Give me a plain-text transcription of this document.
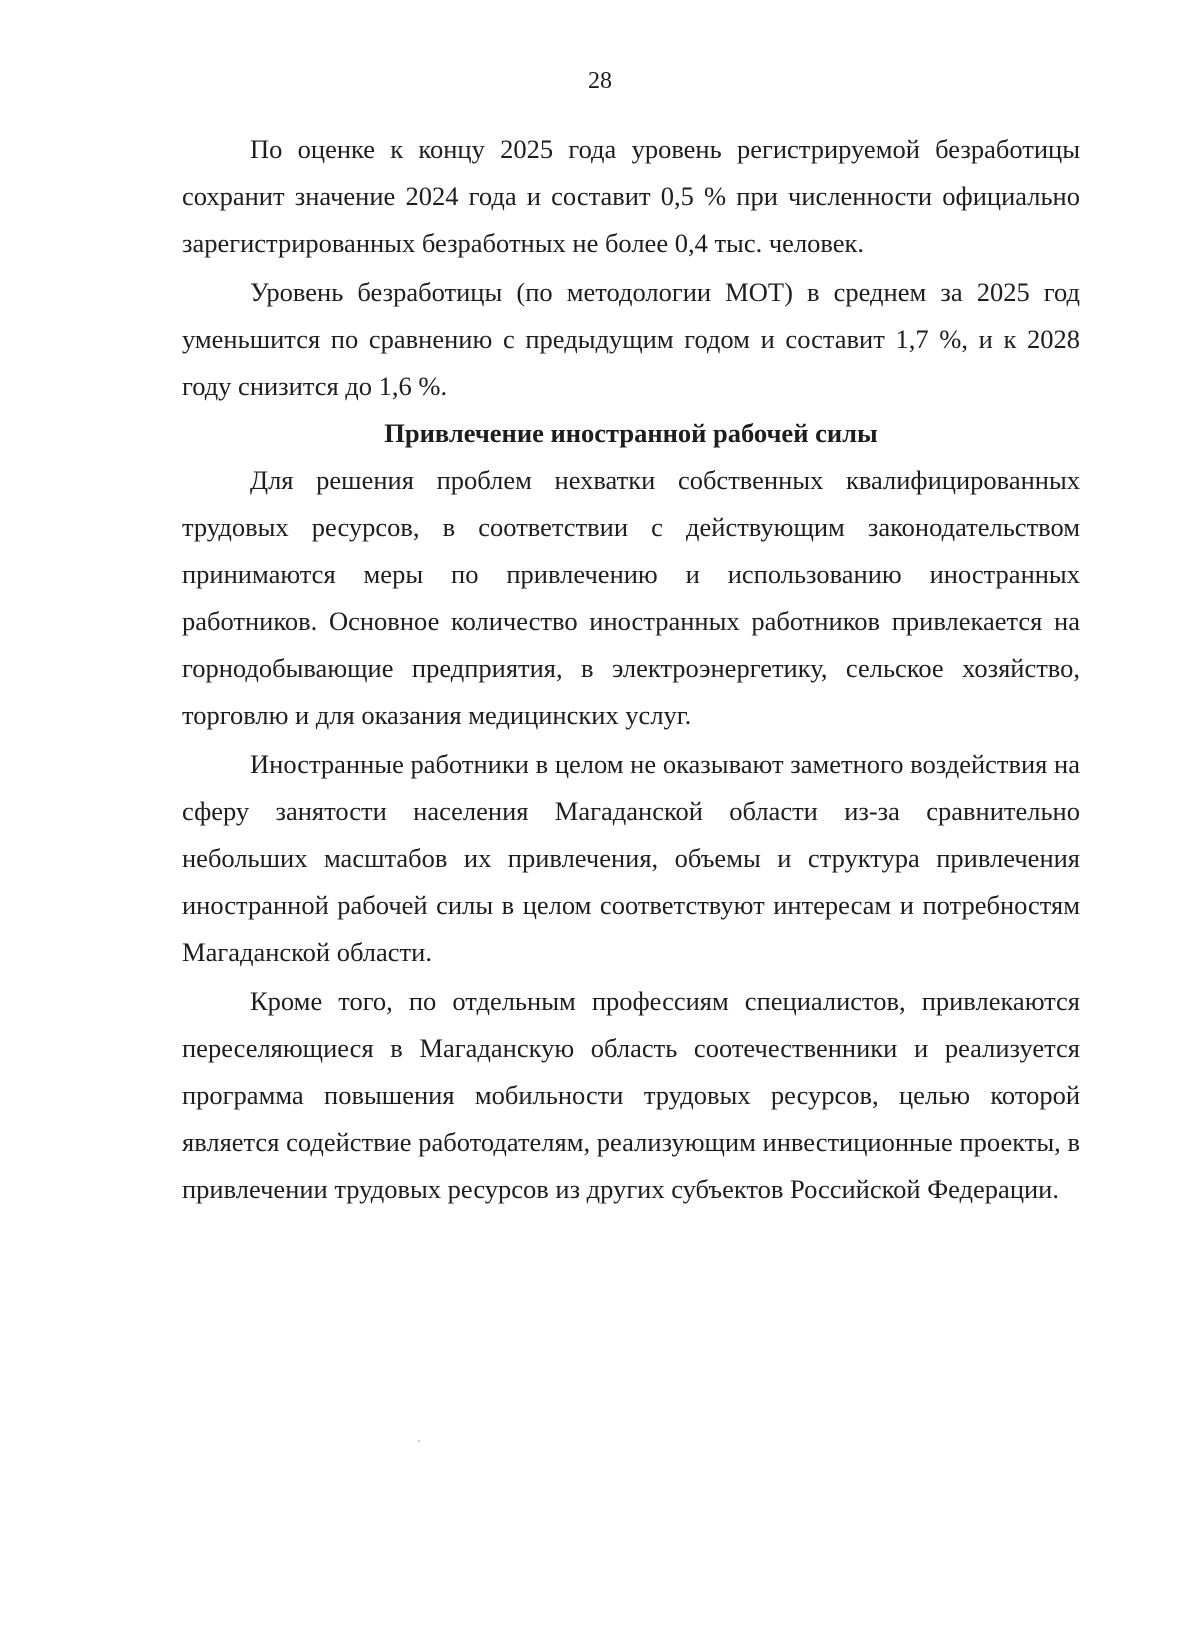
28

По оценке к концу 2025 года уровень регистрируемой безработицы сохранит значение 2024 года и составит 0,5 % при численности официально зарегистрированных безработных не более 0,4 тыс. человек.

Уровень безработицы (по методологии МОТ) в среднем за 2025 год уменьшится по сравнению с предыдущим годом и составит 1,7 %, и к 2028 году снизится до 1,6 %.

Привлечение иностранной рабочей силы

Для решения проблем нехватки собственных квалифицированных трудовых ресурсов, в соответствии с действующим законодательством принимаются меры по привлечению и использованию иностранных работников. Основное количество иностранных работников привлекается на горнодобывающие предприятия, в электроэнергетику, сельское хозяйство, торговлю и для оказания медицинских услуг.

Иностранные работники в целом не оказывают заметного воздействия на сферу занятости населения Магаданской области из-за сравнительно небольших масштабов их привлечения, объемы и структура привлечения иностранной рабочей силы в целом соответствуют интересам и потребностям Магаданской области.

Кроме того, по отдельным профессиям специалистов, привлекаются переселяющиеся в Магаданскую область соотечественники и реализуется программа повышения мобильности трудовых ресурсов, целью которой является содействие работодателям, реализующим инвестиционные проекты, в привлечении трудовых ресурсов из других субъектов Российской Федерации.
